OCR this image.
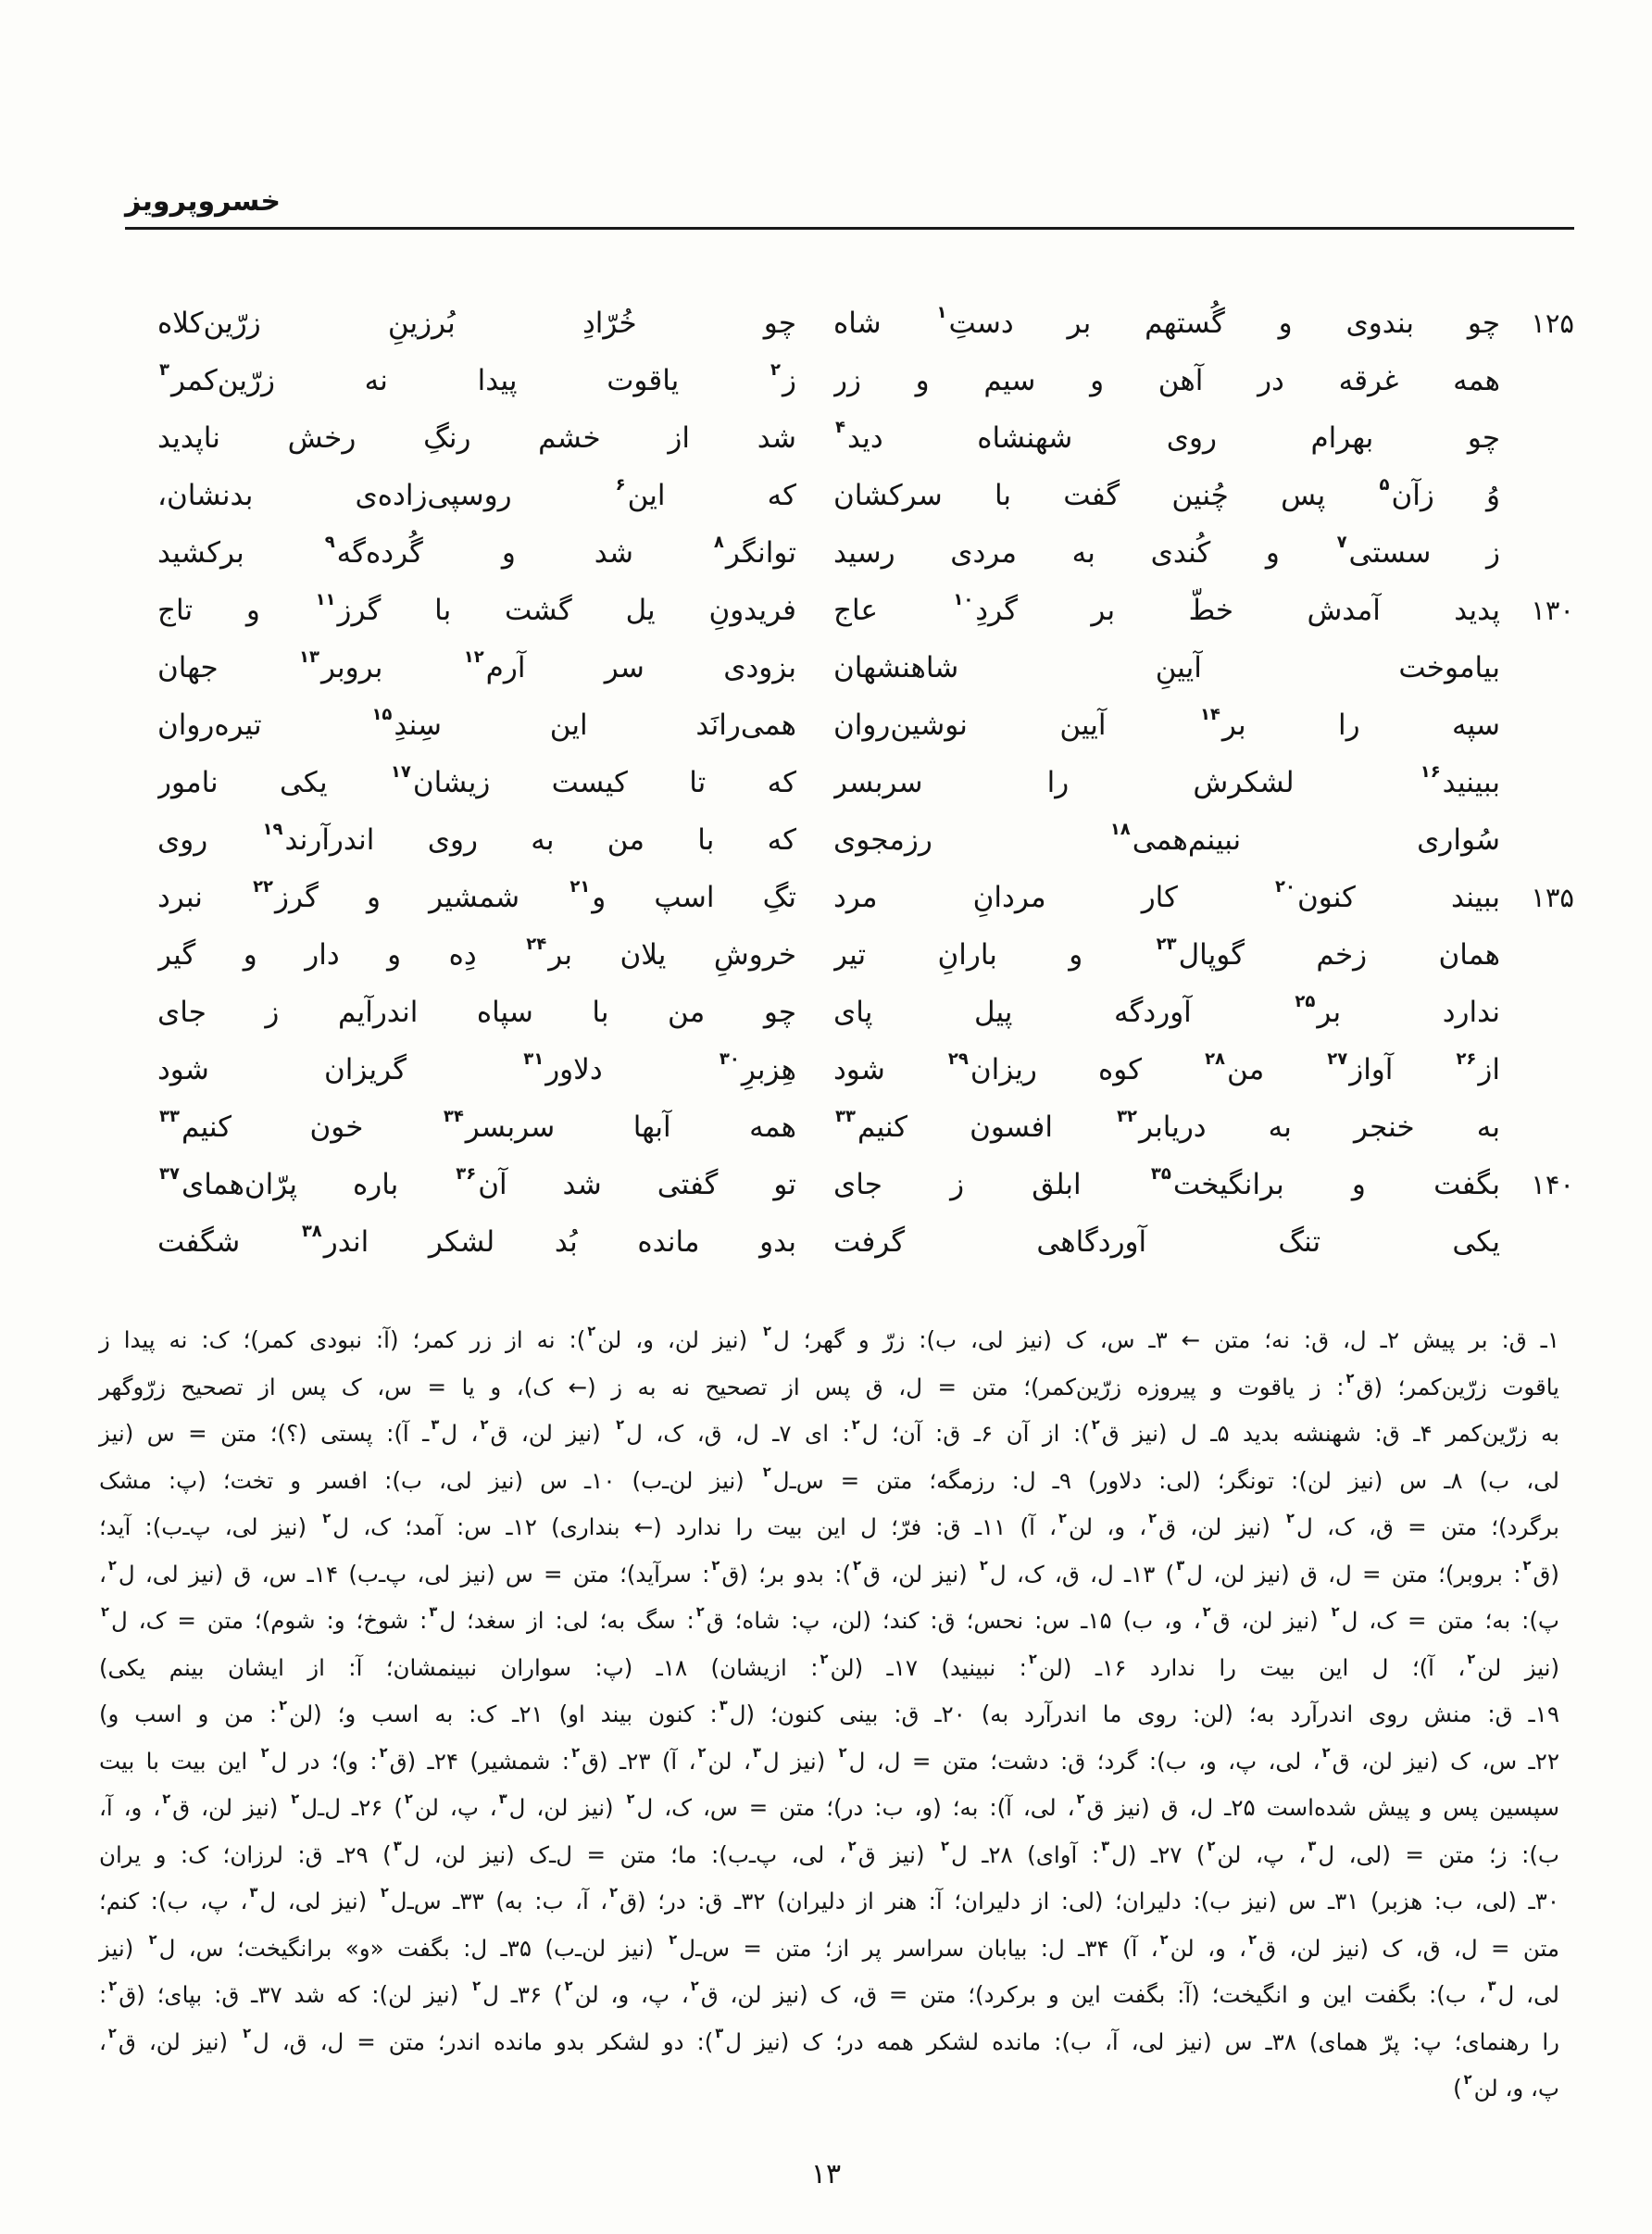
خسروپرویز
۱۲۵
چو بندوی و گُستهم بر دستِ$^۱$ شاه
چو خُرّادِ بُرزینِ زرّین‌کلاه
همه غرقه در آهن و سیم و زر
ز$^۲$ یاقوت پیدا نه زرّین‌کمر$^۳$
چو بهرام روی شهنشاه دید$^۴$
شد از خشم رنگِ رخش ناپدید
وُ زآن$^۵$ پس چُنین گفت با سرکشان
که این$^۶$ روسپی‌زاده‌ی بدنشان،
ز سستی$^۷$ و کُندی به مردی رسید
توانگر$^۸$ شد و گُرده‌گه$^۹$ برکشید
۱۳۰
پدید آمدش خطّ بر گردِ$^{۱۰}$ عاج
فریدونِ یل گشت با گرز$^{۱۱}$ و تاج
بیاموخت آیینِ شاهنشهان
بزودی سر آرم$^{۱۲}$ بروبر$^{۱۳}$ جهان
سپه را بر$^{۱۴}$ آیین نوشین‌روان
همی‌رانَد این سِندِ$^{۱۵}$ تیره‌روان
ببینید$^{۱۶}$ لشکرش را سربسر
که تا کیست زیشان$^{۱۷}$ یکی نامور
سُواری نبینم‌همی$^{۱۸}$ رزمجوی
که با من به روی اندرآرند$^{۱۹}$ روی
۱۳۵
ببیند کنون$^{۲۰}$ کار مردانِ مرد
تگِ اسپ و$^{۲۱}$ شمشیر و گرز$^{۲۲}$ نبرد
همان زخم گوپال$^{۲۳}$ و بارانِ تیر
خروشِ یلان بر$^{۲۴}$ دِه و دار و گیر
ندارد بر$^{۲۵}$ آوردگه پیل پای
چو من با سپاه اندرآیم ز جای
از$^{۲۶}$ آواز$^{۲۷}$ من$^{۲۸}$ کوه ریزان$^{۲۹}$ شود
هِزبرِ$^{۳۰}$ دلاور$^{۳۱}$ گریزان شود
به خنجر به دریابر$^{۳۲}$ افسون کنیم$^{۳۳}$
همه آبها سربسر$^{۳۴}$ خون کنیم$^{۳۳}$
۱۴۰
بگفت و برانگیخت$^{۳۵}$ ابلق ز جای
تو گفتی شد آن$^{۳۶}$ باره پرّان‌همای$^{۳۷}$
یکی تنگ آوردگاهی گرفت
بدو مانده بُد لشکر اندر$^{۳۸}$ شگفت

۱ـ ق: بر پیش ۲ـ ل، ق: نه؛ متن ← ۳ـ س، ک (نیز لی، ب): زرّ و گهر؛ ل$^۲$ (نیز لن، و، لن$^۲$): نه از زر کمر؛ (آ: نبودی کمر)؛ ک: نه پیدا ز

یاقوت زرّین‌کمر؛ (ق$^۲$: ز یاقوت و پیروزه زرّین‌کمر)؛ متن = ل، ق پس از تصحیح نه به ز (← ک)، و یا = س، ک پس از تصحیح زرّوگهر

به زرّین‌کمر ۴ـ ق: شهنشه بدید ۵ـ ل (نیز ق$^۲$): از آن ۶ـ ق: آن؛ ل$^۲$: ای ۷ـ ل، ق، ک، ل$^۲$ (نیز لن، ق$^۲$، ل$^۳$ـ آ): پستی (؟)؛ متن = س (نیز

لی، ب) ۸ـ س (نیز لن): تونگر؛ (لی: دلاور) ۹ـ ل: رزمگه؛ متن = س‌ـ‌ل$^۲$ (نیز لن‌ـ‌ب) ۱۰ـ س (نیز لی، ب): افسر و تخت؛ (پ: مشک

برگرد)؛ متن = ق، ک، ل$^۲$ (نیز لن، ق$^۲$، و، لن$^۲$، آ) ۱۱ـ ق: فرّ؛ ل این بیت را ندارد (← بنداری) ۱۲ـ س: آمد؛ ک، ل$^۲$ (نیز لی، پ‌ـ‌ب): آید؛

(ق$^۲$: بروبر)؛ متن = ل، ق (نیز لن، ل$^۳$) ۱۳ـ ل، ق، ک، ل$^۲$ (نیز لن، ق$^۲$): بدو بر؛ (ق$^۲$: سرآید)؛ متن = س (نیز لی، پ‌ـ‌ب) ۱۴ـ س، ق (نیز لی، ل$^۲$،

پ): به؛ متن = ک، ل$^۲$ (نیز لن، ق$^۲$، و، ب) ۱۵ـ س: نحس؛ ق: کند؛ (لن، پ: شاه؛ ق$^۲$: سگ به؛ لی: از سغد؛ ل$^۳$: شوخ؛ و: شوم)؛ متن = ک، ل$^۲$

(نیز لن$^۲$، آ)؛ ل این بیت را ندارد ۱۶ـ (لن$^۲$: نبینید) ۱۷ـ (لن$^۲$: ازیشان) ۱۸ـ (پ: سواران نبینمشان؛ آ: از ایشان بینم یکی)

۱۹ـ ق: منش روی اندرآرد به؛ (لن: روی ما اندرآرد به) ۲۰ـ ق: بینی کنون؛ (ل$^۳$: کنون بیند او) ۲۱ـ ک: به اسب و؛ (لن$^۲$: من و اسب و)

۲۲ـ س، ک (نیز لن، ق$^۲$، لی، پ، و، ب): گرد؛ ق: دشت؛ متن = ل، ل$^۲$ (نیز ل$^۳$، لن$^۲$، آ) ۲۳ـ (ق$^۲$: شمشیر) ۲۴ـ (ق$^۲$: و)؛ در ل$^۲$ این بیت با بیت

سپسین پس و پیش شده‌است ۲۵ـ ل، ق (نیز ق$^۲$، لی، آ): به؛ (و، ب: در)؛ متن = س، ک، ل$^۲$ (نیز لن، ل$^۳$، پ، لن$^۲$) ۲۶ـ ل‌ـ‌ل$^۲$ (نیز لن، ق$^۲$، و، آ،

ب): ز؛ متن = (لی، ل$^۳$، پ، لن$^۲$) ۲۷ـ (ل$^۳$: آوای) ۲۸ـ ل$^۲$ (نیز ق$^۲$، لی، پ‌ـ‌ب): ما؛ متن = ل‌ـ‌ک (نیز لن، ل$^۳$) ۲۹ـ ق: لرزان؛ ک: و یران

۳۰ـ (لی، ب: هزبر) ۳۱ـ س (نیز ب): دلیران؛ (لی: از دلیران؛ آ: هنر از دلیران) ۳۲ـ ق: در؛ (ق$^۲$، آ، ب: به) ۳۳ـ س‌ـ‌ل$^۲$ (نیز لی، ل$^۳$، پ، ب): کنم؛

متن = ل، ق، ک (نیز لن، ق$^۲$، و، لن$^۲$، آ) ۳۴ـ ل: بیابان سراسر پر از؛ متن = س‌ـ‌ل$^۲$ (نیز لن‌ـ‌ب) ۳۵ـ ل: بگفت «و» برانگیخت؛ س، ل$^۲$ (نیز

لی، ل$^۳$، ب): بگفت این و انگیخت؛ (آ: بگفت این و برکرد)؛ متن = ق، ک (نیز لن، ق$^۲$، پ، و، لن$^۲$) ۳۶ـ ل$^۲$ (نیز لن): که شد ۳۷ـ ق: بپای؛ (ق$^۲$:

را رهنمای؛ پ: پرّ همای) ۳۸ـ س (نیز لی، آ، ب): مانده لشکر همه در؛ ک (نیز ل$^۳$): دو لشکر بدو مانده اندر؛ متن = ل، ق، ل$^۲$ (نیز لن، ق$^۲$،

پ، و، لن$^۲$)

۱۳
